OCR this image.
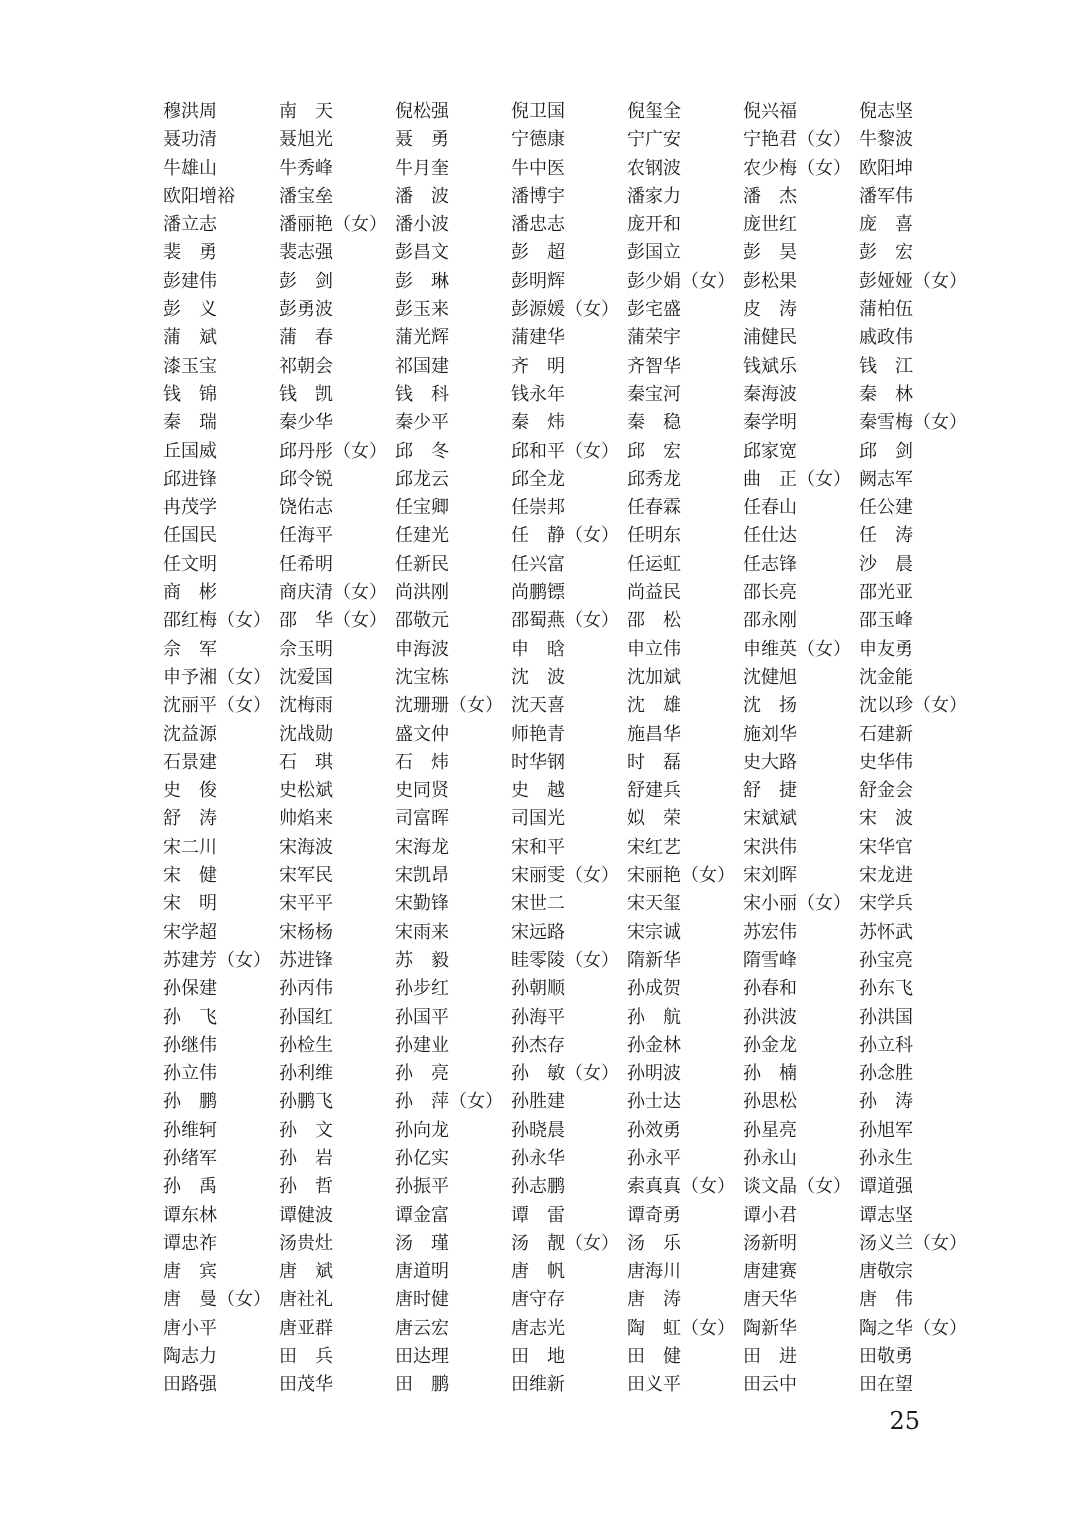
穆洪周	南　天	倪松强	倪卫国	倪玺全	倪兴福	倪志坚
聂功清	聂旭光	聂　勇	宁德康	宁广安	宁艳君（女） 牛黎波
牛雄山	牛秀峰	牛月奎	牛中医	农钢波	农少梅（女） 欧阳坤
欧阳增裕	潘宝垒	潘　波	潘博宇	潘家力	潘　杰	潘军伟
潘立志	潘丽艳（女） 潘小波	潘忠志	庞开和	庞世红	庞　喜
裴　勇	裴志强	彭昌文	彭　超	彭国立	彭　昊	彭　宏
彭建伟	彭　剑	彭　琳	彭明辉	彭少娟（女） 彭松果	彭娅娅（女）
彭　义	彭勇波	彭玉来	彭源媛（女） 彭宅盛	皮　涛	蒲柏伍
蒲　斌	蒲　春	蒲光辉	蒲建华	蒲荣宇	浦健民	戚政伟
漆玉宝	祁朝会	祁国建	齐　明	齐智华	钱斌乐	钱　江
钱　锦	钱　凯	钱　科	钱永年	秦宝河	秦海波	秦　林
秦　瑞	秦少华	秦少平	秦　炜	秦　稳	秦学明	秦雪梅（女）
丘国威	邱丹彤（女） 邱　冬	邱和平（女） 邱　宏	邱家宽	邱　剑
邱进锋	邱令锐	邱龙云	邱全龙	邱秀龙	曲　正（女） 阙志军
冉茂学	饶佑志	任宝卿	任崇邦	任春霖	任春山	任公建
任国民	任海平	任建光	任　静（女） 任明东	任仕达	任　涛
任文明	任希明	任新民	任兴富	任运虹	任志锋	沙　晨
商　彬	商庆清（女） 尚洪刚	尚鹏镖	尚益民	邵长亮	邵光亚
邵红梅（女） 邵　华（女） 邵敬元	邵蜀燕（女） 邵　松	邵永刚	邵玉峰
佘　军	佘玉明	申海波	申　晗	申立伟	申维英（女） 申友勇
申予湘（女） 沈爱国	沈宝栋	沈　波	沈加斌	沈健旭	沈金能
沈丽平（女） 沈梅雨	沈珊珊（女） 沈天喜	沈　雄	沈　扬	沈以珍（女）
沈益源	沈战勋	盛文仲	师艳青	施昌华	施刘华	石建新
石景建	石　琪	石　炜	时华钢	时　磊	史大路	史华伟
史　俊	史松斌	史同贤	史　越	舒建兵	舒　捷	舒金会
舒　涛	帅焰来	司富晖	司国光	姒　荣	宋斌斌	宋　波
宋二川	宋海波	宋海龙	宋和平	宋红艺	宋洪伟	宋华官
宋　健	宋军民	宋凯昂	宋丽雯（女） 宋丽艳（女） 宋刘晖	宋龙进
宋　明	宋平平	宋勤锋	宋世二	宋天玺	宋小丽（女） 宋学兵
宋学超	宋杨杨	宋雨来	宋远路	宋宗诚	苏宏伟	苏怀武
苏建芳（女） 苏进锋	苏　毅	眭零陵（女） 隋新华	隋雪峰	孙宝亮
孙保建	孙丙伟	孙步红	孙朝顺	孙成贺	孙春和	孙东飞
孙　飞	孙国红	孙国平	孙海平	孙　航	孙洪波	孙洪国
孙继伟	孙检生	孙建业	孙杰存	孙金林	孙金龙	孙立科
孙立伟	孙利维	孙　亮	孙　敏（女） 孙明波	孙　楠	孙念胜
孙　鹏	孙鹏飞	孙　萍（女） 孙胜建	孙士达	孙思松	孙　涛
孙维轲	孙　文	孙向龙	孙晓晨	孙效勇	孙星亮	孙旭军
孙绪军	孙　岩	孙亿实	孙永华	孙永平	孙永山	孙永生
孙　禹	孙　哲	孙振平	孙志鹏	索真真（女） 谈文晶（女） 谭道强
谭东林	谭健波	谭金富	谭　雷	谭奇勇	谭小君	谭志坚
谭忠祚	汤贵灶	汤　瑾	汤　靓（女） 汤　乐	汤新明	汤义兰（女）
唐　宾	唐　斌	唐道明	唐　帆	唐海川	唐建赛	唐敬宗
唐　曼（女） 唐社礼	唐时健	唐守存	唐　涛	唐天华	唐　伟
唐小平	唐亚群	唐云宏	唐志光	陶　虹（女） 陶新华	陶之华（女）
陶志力	田　兵	田达理	田　地	田　健	田　进	田敬勇
田路强	田茂华	田　鹏	田维新	田义平	田云中	田在望
25
